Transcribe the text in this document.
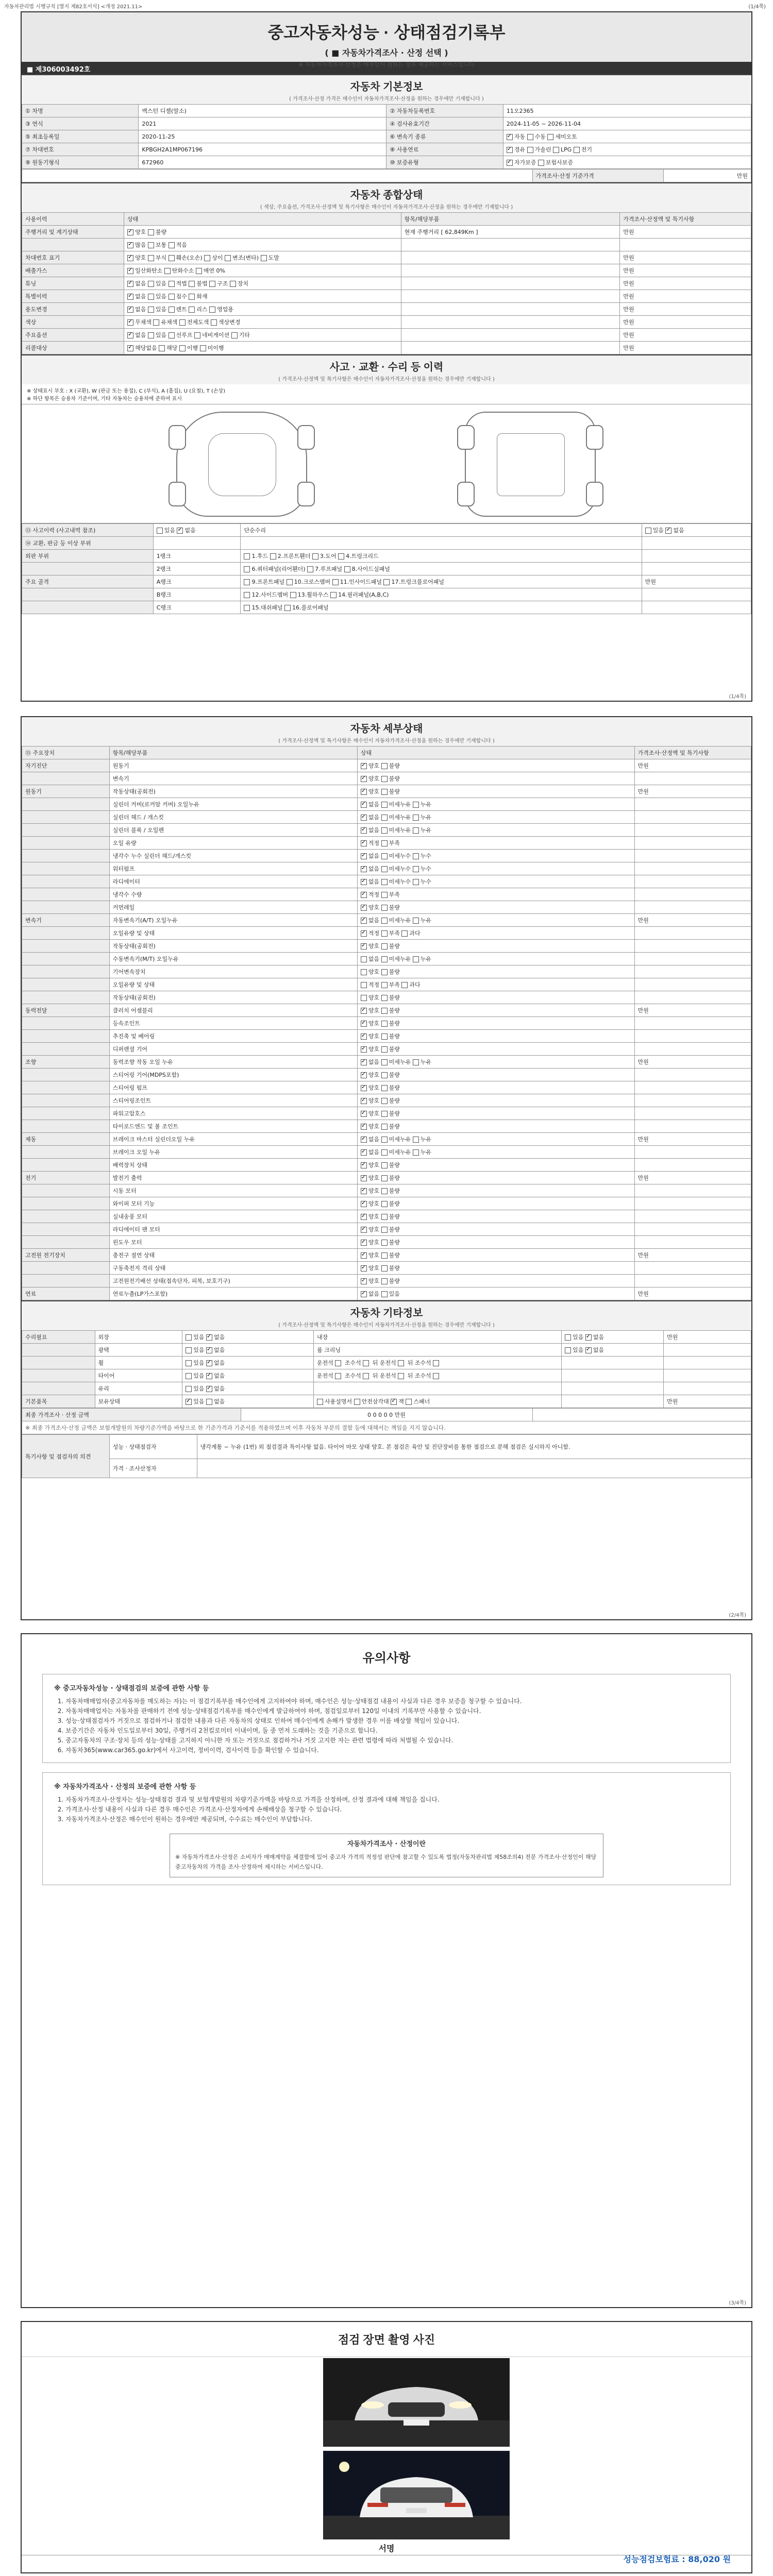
자동차관리법 시행규칙 [별지 제82호서식] <개정 2021.11>	(1/4쪽)
중고자동차성능 · 상태점검기록부
( ■ 자동차가격조사 · 산정 선택 )
※ 자동차가격조사·산정은 매수인이 원하는 경우 제공하는 서비스입니다
■ 제306003492호
자동차 기본정보
( 가격조사·산정 가격은 매수인이 자동차가격조사·산정을 원하는 경우에만 기재합니다 )
① 차명	벡스턴 디젤(말소)	② 자동차등록번호	11오2365
③ 연식	2021	④ 검사유효기간	2024-11-05 ~ 2026-11-04
⑤ 최초등록일	2020-11-25	⑥ 변속기 종류	✓자동 수동 세미오토
⑦ 차대번호	KPBGH2A1MP067196	⑧ 사용연료	✓경유 가솔린 LPG 전기
⑨ 원동기형식	672960	⑩ 보증유형	✓자가보증 보험사보증
	가격조사·산정 기준가격	만원
자동차 종합상태
( 색상, 주요옵션, 가격조사·산정액 및 특기사항은 매수인이 자동차가격조사·산정을 원하는 경우에만 기재합니다 )
사용이력	상태	항목/해당부품	가격조사·산정액 및 특기사항
주행거리 및 계기상태	✓양호 불량	현재 주행거리 [ 62,849Km ]	만원
	✓많음 보통 적음		
차대번호 표기	✓양호 부식 훼손(오손) 상이 변조(변타) 도말		만원
배출가스	✓일산화탄소 탄화수소 매연 0%		만원
튜닝	✓없음 있음 적법 불법 구조 장치		만원
특별이력	✓없음 있음 침수 화재		만원
용도변경	✓없음 있음 렌트 리스 영업용		만원
색상	✓무채색 유채색 전체도색 색상변경		만원
주요옵션	✓없음 있음 선루프 네비게이션 기타		만원
리콜대상	✓해당없음 해당 이행 미이행		만원
사고 · 교환 · 수리 등 이력
( 가격조사·산정액 및 특기사항은 매수인이 자동차가격조사·산정을 원하는 경우에만 기재합니다 )
※ 상태표시 부호 : X (교환), W (판금 또는 용접), C (부식), A (흠집), U (요철), T (손상)
※ 하단 항목은 승용차 기준이며, 기타 자동차는 승용차에 준하여 표시
⑬ 사고이력 (사고내역 참조)	있음 ✓없음	단순수리	있음 ✓없음
⑭ 교환, 판금 등 이상 부위			
외판 부위	1랭크	1.후드 2.프론트휀더 3.도어 4.트렁크리드	
	2랭크	6.쿼터패널(리어휀더) 7.루프패널 8.사이드실패널	
주요 골격	A랭크	9.프론트패널 10.크로스멤버 11.인사이드패널 17.트렁크플로어패널	만원
	B랭크	12.사이드멤버 13.휠하우스 14.필러패널(A,B,C)	
	C랭크	15.대쉬패널 16.플로어패널	
(1/4쪽)
자동차 세부상태
( 가격조사·산정액 및 특기사항은 매수인이 자동차가격조사·산정을 원하는 경우에만 기재합니다 )
⑮ 주요장치	항목/해당부품	상태	가격조사·산정액 및 특기사항
자기진단	원동기	✓양호 불량	만원
	변속기	✓양호 불량	
원동기	작동상태(공회전)	✓양호 불량	만원
	실린더 커버(로커암 커버) 오일누유	✓없음 미세누유 누유	
	실린더 헤드 / 개스킷	✓없음 미세누유 누유	
	실린더 블록 / 오일팬	✓없음 미세누유 누유	
	오일 유량	✓적정 부족	
	냉각수 누수 실린더 헤드/개스킷	✓없음 미세누수 누수	
	워터펌프	✓없음 미세누수 누수	
	라디에이터	✓없음 미세누수 누수	
	냉각수 수량	✓적정 부족	
	커먼레일	✓양호 불량	
변속기	자동변속기(A/T) 오일누유	✓없음 미세누유 누유	만원
	오일유량 및 상태	✓적정 부족 과다	
	작동상태(공회전)	✓양호 불량	
	수동변속기(M/T) 오일누유	없음 미세누유 누유	
	기어변속장치	양호 불량	
	오일유량 및 상태	적정 부족 과다	
	작동상태(공회전)	양호 불량	
동력전달	클러치 어셈블리	✓양호 불량	만원
	등속조인트	✓양호 불량	
	추진축 및 베어링	✓양호 불량	
	디퍼렌셜 기어	✓양호 불량	
조향	동력조향 작동 오일 누유	✓없음 미세누유 누유	만원
	스티어링 기어(MDPS포함)	✓양호 불량	
	스티어링 펌프	✓양호 불량	
	스티어링조인트	✓양호 불량	
	파워고압호스	✓양호 불량	
	타이로드엔드 및 볼 조인트	✓양호 불량	
제동	브레이크 마스터 실린더오일 누유	✓없음 미세누유 누유	만원
	브레이크 오일 누유	✓없음 미세누유 누유	
	배력장치 상태	✓양호 불량	
전기	발전기 출력	✓양호 불량	만원
	시동 모터	✓양호 불량	
	와이퍼 모터 기능	✓양호 불량	
	실내송풍 모터	✓양호 불량	
	라디에이터 팬 모터	✓양호 불량	
	윈도우 모터	✓양호 불량	
고전원 전기장치	충전구 절연 상태	✓양호 불량	만원
	구동축전지 격리 상태	✓양호 불량	
	고전원전기배선 상태(접속단자, 피복, 보호기구)	✓양호 불량	
연료	연료누출(LP가스포함)	✓없음 있음	만원
자동차 기타정보
( 가격조사·산정액 및 특기사항은 매수인이 자동차가격조사·산정을 원하는 경우에만 기재합니다 )
수리필요	외장	있음 ✓없음	내장	있음 ✓없음	만원
	광택	있음 ✓없음	룸 크리닝	있음 ✓없음	
	휠	있음 ✓없음	운전석  조수석  뒤 운전석  뒤 조수석		
	타이어	있음 ✓없음	운전석  조수석  뒤 운전석  뒤 조수석		
	유리	있음 ✓없음			
기본품목	보유상태	✓있음 없음	사용설명서 안전삼각대 ✓잭 스패너		만원
최종 가격조사 · 산정 금액	0 0 0 0 0 만원	
※ 최종 가격조사·산정 금액은 보험개발원의 차량기준가액을 바탕으로 한 기준가격과 기준서를 적용하였으며 이후 자동차 부분의 결함 등에 대해서는 책임을 지지 않습니다.
특기사항 및 점검자의 의견	성능 · 상태점검자	냉각계통 ~ 누유 (1번) 외 점검결과 특이사항 없음. 타이어 마모 상태 양호. 본 점검은 육안 및 진단장비를 통한 점검으로 분해 점검은 실시하지 아니함.
	가격 · 조사산정자	
(2/4쪽)
유의사항
※ 중고자동차성능 · 상태점검의 보증에 관한 사항 등
1. 자동차매매업자(중고자동차를 매도하는 자)는 이 점검기록부를 매수인에게 고지하여야 하며, 매수인은 성능·상태점검 내용이 사실과 다른 경우 보증을 청구할 수 있습니다.
2. 자동차매매업자는 자동차를 판매하기 전에 성능·상태점검기록부를 매수인에게 발급하여야 하며, 점검일로부터 120일 이내의 기록부만 사용할 수 있습니다.
3. 성능·상태점검자가 거짓으로 점검하거나 점검한 내용과 다른 자동차의 상태로 인하여 매수인에게 손해가 발생한 경우 이를 배상할 책임이 있습니다.
4. 보증기간은 자동차 인도일로부터 30일, 주행거리 2천킬로미터 이내이며, 둘 중 먼저 도래하는 것을 기준으로 합니다.
5. 중고자동차의 구조·장치 등의 성능·상태를 고지하지 아니한 자 또는 거짓으로 점검하거나 거짓 고지한 자는 관련 법령에 따라 처벌될 수 있습니다.
6. 자동차365(www.car365.go.kr)에서 사고이력, 정비이력, 검사이력 등을 확인할 수 있습니다.
※ 자동차가격조사 · 산정의 보증에 관한 사항 등
1. 자동차가격조사·산정자는 성능·상태점검 결과 및 보험개발원의 차량기준가액을 바탕으로 가격을 산정하며, 산정 결과에 대해 책임을 집니다.
2. 가격조사·산정 내용이 사실과 다른 경우 매수인은 가격조사·산정자에게 손해배상을 청구할 수 있습니다.
3. 자동차가격조사·산정은 매수인이 원하는 경우에만 제공되며, 수수료는 매수인이 부담합니다.
자동차가격조사 · 산정이란
※ 자동차가격조사·산정은 소비자가 매매계약을 체결함에 있어 중고자 가격의 적정성 판단에 참고할 수 있도록 법정(자동차관리법 제58조의4) 전문 가격조사·산정인이 해당 중고자동차의 가격을 조사·산정하여 제시하는 서비스입니다.
(3/4쪽)
점검 장면 촬영 사진
서명
성능점검보험료 : 88,020 원
